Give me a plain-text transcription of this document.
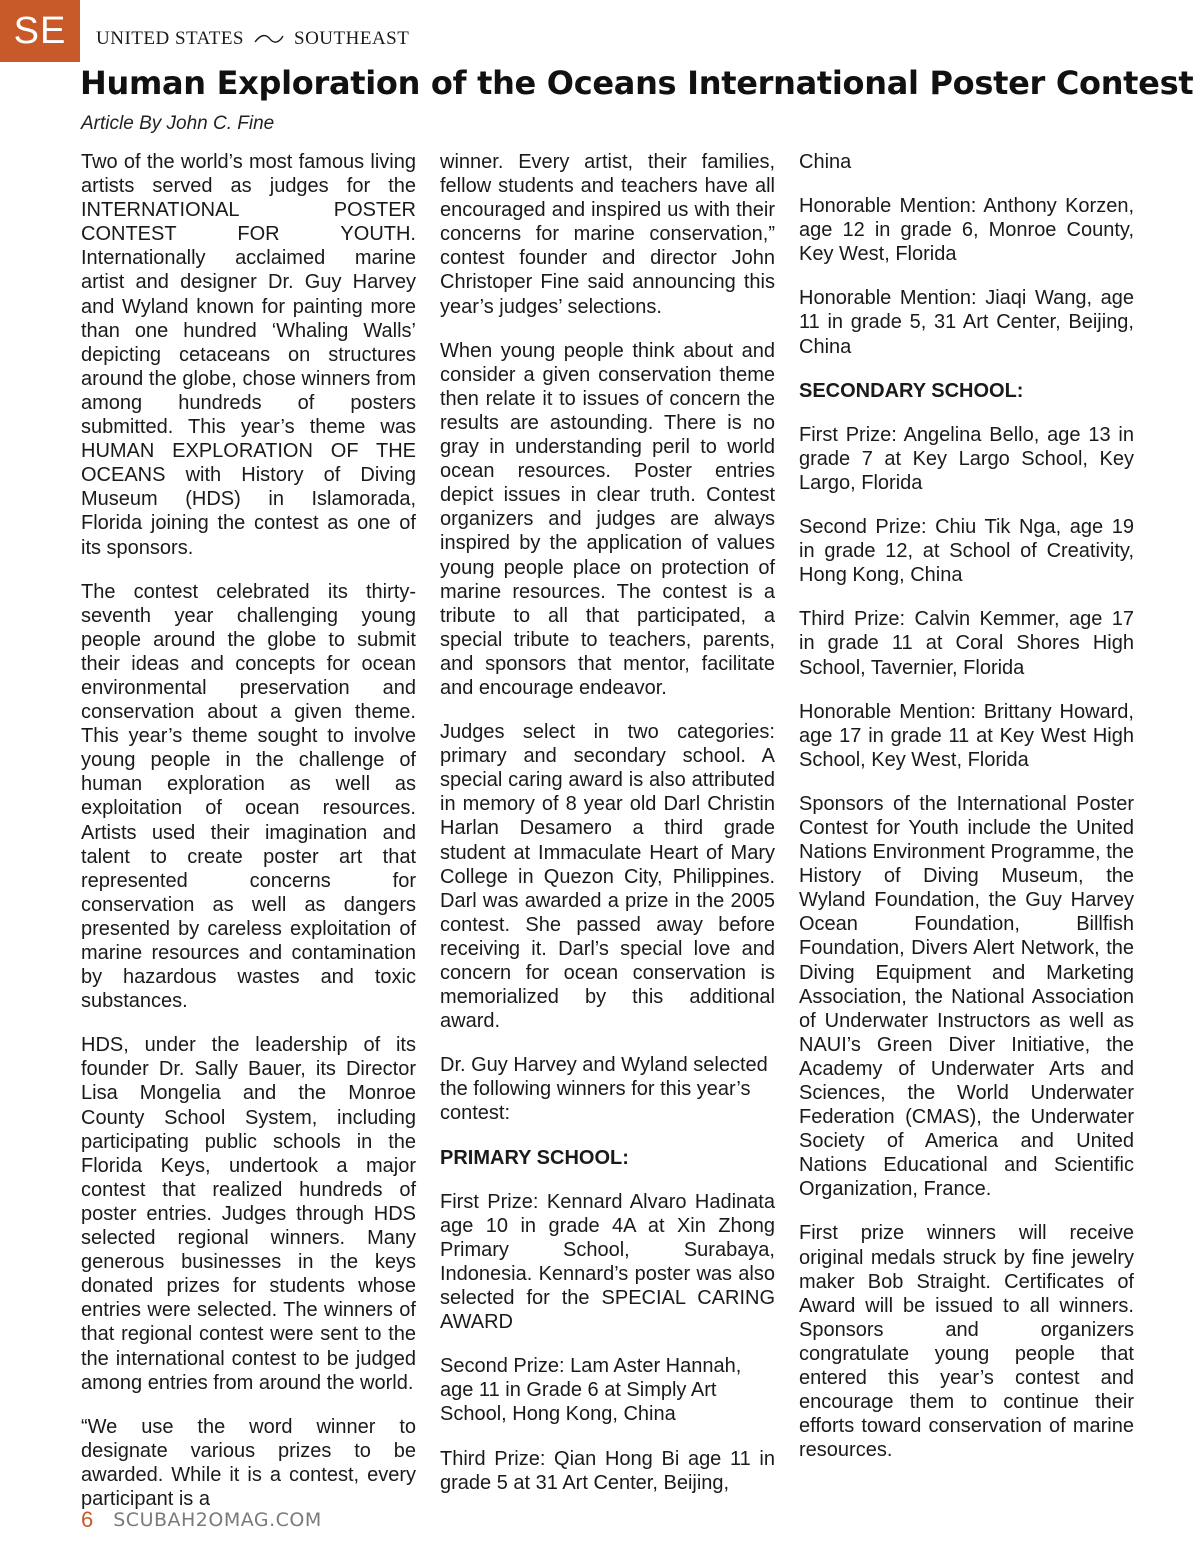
SE	UNITED STATES	SOUTHEAST
Human Exploration of the Oceans International Poster Contest
Article By John C. Fine

Two of the world’s most famous living artists served as judges for the INTERNATIONAL POSTER CONTEST FOR YOUTH. Internationally acclaimed marine artist and designer Dr. Guy Harvey and Wyland known for painting more than one hundred ‘Whaling Walls’ depicting cetaceans on structures around the globe, chose winners from among hundreds of posters submitted. This year’s theme was HUMAN EXPLORATION OF THE OCEANS with History of Diving Museum (HDS) in Islamorada, Florida joining the contest as one of its sponsors.

The contest celebrated its thirty-seventh year challenging young people around the globe to submit their ideas and concepts for ocean environmental preservation and conservation about a given theme. This year’s theme sought to involve young people in the challenge of human exploration as well as exploitation of ocean resources. Artists used their imagination and talent to create poster art that represented concerns for conservation as well as dangers presented by careless exploitation of marine resources and contamination by hazardous wastes and toxic substances.

HDS, under the leadership of its founder Dr. Sally Bauer, its Director Lisa Mongelia and the Monroe County School System, including participating public schools in the Florida Keys, undertook a major contest that realized hundreds of poster entries. Judges through HDS selected regional winners. Many generous businesses in the keys donated prizes for students whose entries were selected. The winners of that regional contest were sent to the the international contest to be judged among entries from around the world.

“We use the word winner to designate various prizes to be awarded. While it is a contest, every participant is a

winner. Every artist, their families, fellow students and teachers have all encouraged and inspired us with their concerns for marine conservation,” contest founder and director John Christoper Fine said announcing this year’s judges’ selections.

When young people think about and consider a given conservation theme then relate it to issues of concern the results are astounding. There is no gray in understanding peril to world ocean resources. Poster entries depict issues in clear truth. Contest organizers and judges are always inspired by the application of values young people place on protection of marine resources. The contest is a tribute to all that participated, a special tribute to teachers, parents, and sponsors that mentor, facilitate and encourage endeavor.

Judges select in two categories: primary and secondary school. A special caring award is also attributed in memory of 8 year old Darl Christin Harlan Desamero a third grade student at Immaculate Heart of Mary College in Quezon City, Philippines. Darl was awarded a prize in the 2005 contest. She passed away before receiving it. Darl’s special love and concern for ocean conservation is memorialized by this additional award.

Dr. Guy Harvey and Wyland selected the following winners for this year’s contest:

PRIMARY SCHOOL:

First Prize: Kennard Alvaro Hadinata age 10 in grade 4A at Xin Zhong Primary School, Surabaya, Indonesia. Kennard’s poster was also selected for the SPECIAL CARING AWARD

Second Prize: Lam Aster Hannah, age 11 in Grade 6 at Simply Art School, Hong Kong, China

Third Prize: Qian Hong Bi age 11 in grade 5 at 31 Art Center, Beijing,

China

Honorable Mention: Anthony Korzen, age 12 in grade 6, Monroe County, Key West, Florida

Honorable Mention: Jiaqi Wang, age 11 in grade 5, 31 Art Center, Beijing, China

SECONDARY SCHOOL:

First Prize: Angelina Bello, age 13 in grade 7 at Key Largo School, Key Largo, Florida

Second Prize: Chiu Tik Nga, age 19 in grade 12, at School of Creativity, Hong Kong, China

Third Prize: Calvin Kemmer, age 17 in grade 11 at Coral Shores High School, Tavernier, Florida

Honorable Mention: Brittany Howard, age 17 in grade 11 at Key West High School, Key West, Florida

Sponsors of the International Poster Contest for Youth include the United Nations Environment Programme, the History of Diving Museum, the Wyland Foundation, the Guy Harvey Ocean Foundation, Billfish Foundation, Divers Alert Network, the Diving Equipment and Marketing Association, the National Association of Underwater Instructors as well as NAUI’s Green Diver Initiative, the Academy of Underwater Arts and Sciences, the World Underwater Federation (CMAS), the Underwater Society of America and United Nations Educational and Scientific Organization, France.

First prize winners will receive original medals struck by fine jewelry maker Bob Straight. Certificates of Award will be issued to all winners. Sponsors and organizers congratulate young people that entered this year’s contest and encourage them to continue their efforts toward conservation of marine resources.

6 SCUBAH2OMAG.COM
